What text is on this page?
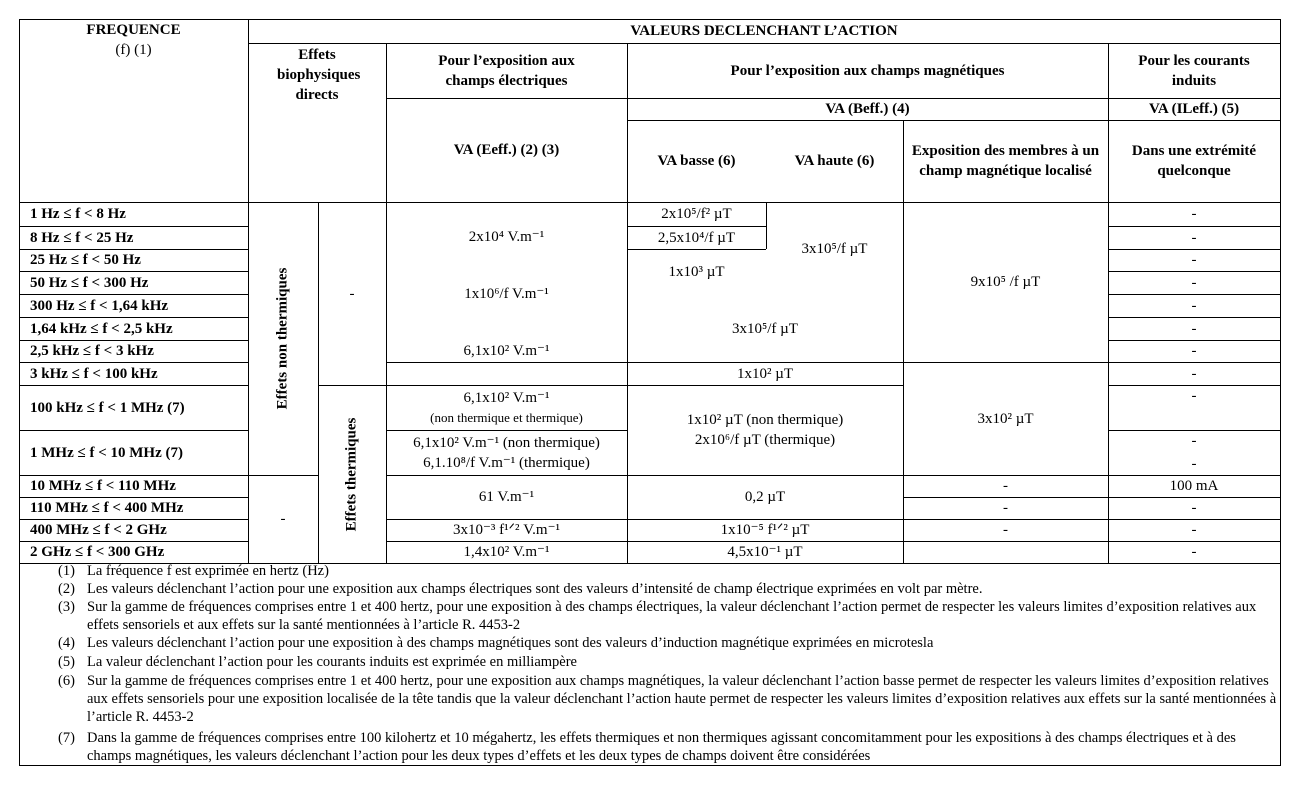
FREQUENCE
(f) (1)
VALEURS DECLENCHANT L’ACTION
Effets biophysiques directs
Pour l’exposition aux champs électriques
Pour l’exposition aux champs magnétiques
Pour les courants induits
VA (Eeff.) (2) (3)
VA (Beff.) (4)	VA (ILeff.) (5)
VA basse (6)	VA haute (6)
Exposition des membres à un champ magnétique localisé
Dans une extrémité quelconque
1 Hz ≤ f < 8 Hz
8 Hz ≤ f < 25 Hz
25 Hz ≤ f < 50 Hz
50 Hz ≤ f < 300 Hz
300 Hz ≤ f < 1,64 kHz
1,64 kHz ≤ f < 2,5 kHz
2,5 kHz ≤ f < 3 kHz
3 kHz ≤ f < 100 kHz
100 kHz ≤ f < 1 MHz (7)
1 MHz ≤ f < 10 MHz (7)
10 MHz ≤ f < 110 MHz
110 MHz ≤ f < 400 MHz
400 MHz ≤ f < 2 GHz
2 GHz ≤ f < 300 GHz
Effets non thermiques
Effets thermiques
-
-
2x10⁴ V.m⁻¹
1x10⁶/f V.m⁻¹
6,1x10² V.m⁻¹
6,1x10² V.m⁻¹
(non thermique et thermique)
6,1x10² V.m⁻¹ (non thermique)
6,1.10⁸/f V.m⁻¹ (thermique)
61 V.m⁻¹
3x10⁻³ f¹ᐟ² V.m⁻¹
1,4x10² V.m⁻¹
2x10⁵/f² µT
2,5x10⁴/f µT
1x10³ µT
3x10⁵/f µT
3x10⁵/f µT
1x10² µT
1x10² µT (non thermique)
2x10⁶/f µT (thermique)
0,2 µT
1x10⁻⁵ f¹ᐟ² µT
4,5x10⁻¹ µT
9x10⁵ /f µT
3x10² µT
-
-
-
-
-
-
-
-
-
-
-
-
-
-
100 mA
-
-
-
(1) La fréquence f est exprimée en hertz (Hz)
(2) Les valeurs déclenchant l’action pour une exposition aux champs électriques sont des valeurs d’intensité de champ électrique exprimées en volt par mètre.
(3) Sur la gamme de fréquences comprises entre 1 et 400 hertz, pour une exposition à des champs électriques, la valeur déclenchant l’action permet de respecter les valeurs limites d’exposition relatives aux effets sensoriels et aux effets sur la santé mentionnées à l’article R. 4453-2
(4) Les valeurs déclenchant l’action pour une exposition à des champs magnétiques sont des valeurs d’induction magnétique exprimées en microtesla
(5) La valeur déclenchant l’action pour les courants induits est exprimée en milliampère
(6) Sur la gamme de fréquences comprises entre 1 et 400 hertz, pour une exposition aux champs magnétiques, la valeur déclenchant l’action basse permet de respecter les valeurs limites d’exposition relatives aux effets sensoriels pour une exposition localisée de la tête tandis que la valeur déclenchant l’action haute permet de respecter les valeurs limites d’exposition relatives aux effets sur la santé mentionnées à l’article R. 4453-2
(7) Dans la gamme de fréquences comprises entre 100 kilohertz et 10 mégahertz, les effets thermiques et non thermiques agissant concomitamment pour les expositions à des champs électriques et à des champs magnétiques, les valeurs déclenchant l’action pour les deux types d’effets et les deux types de champs doivent être considérées
